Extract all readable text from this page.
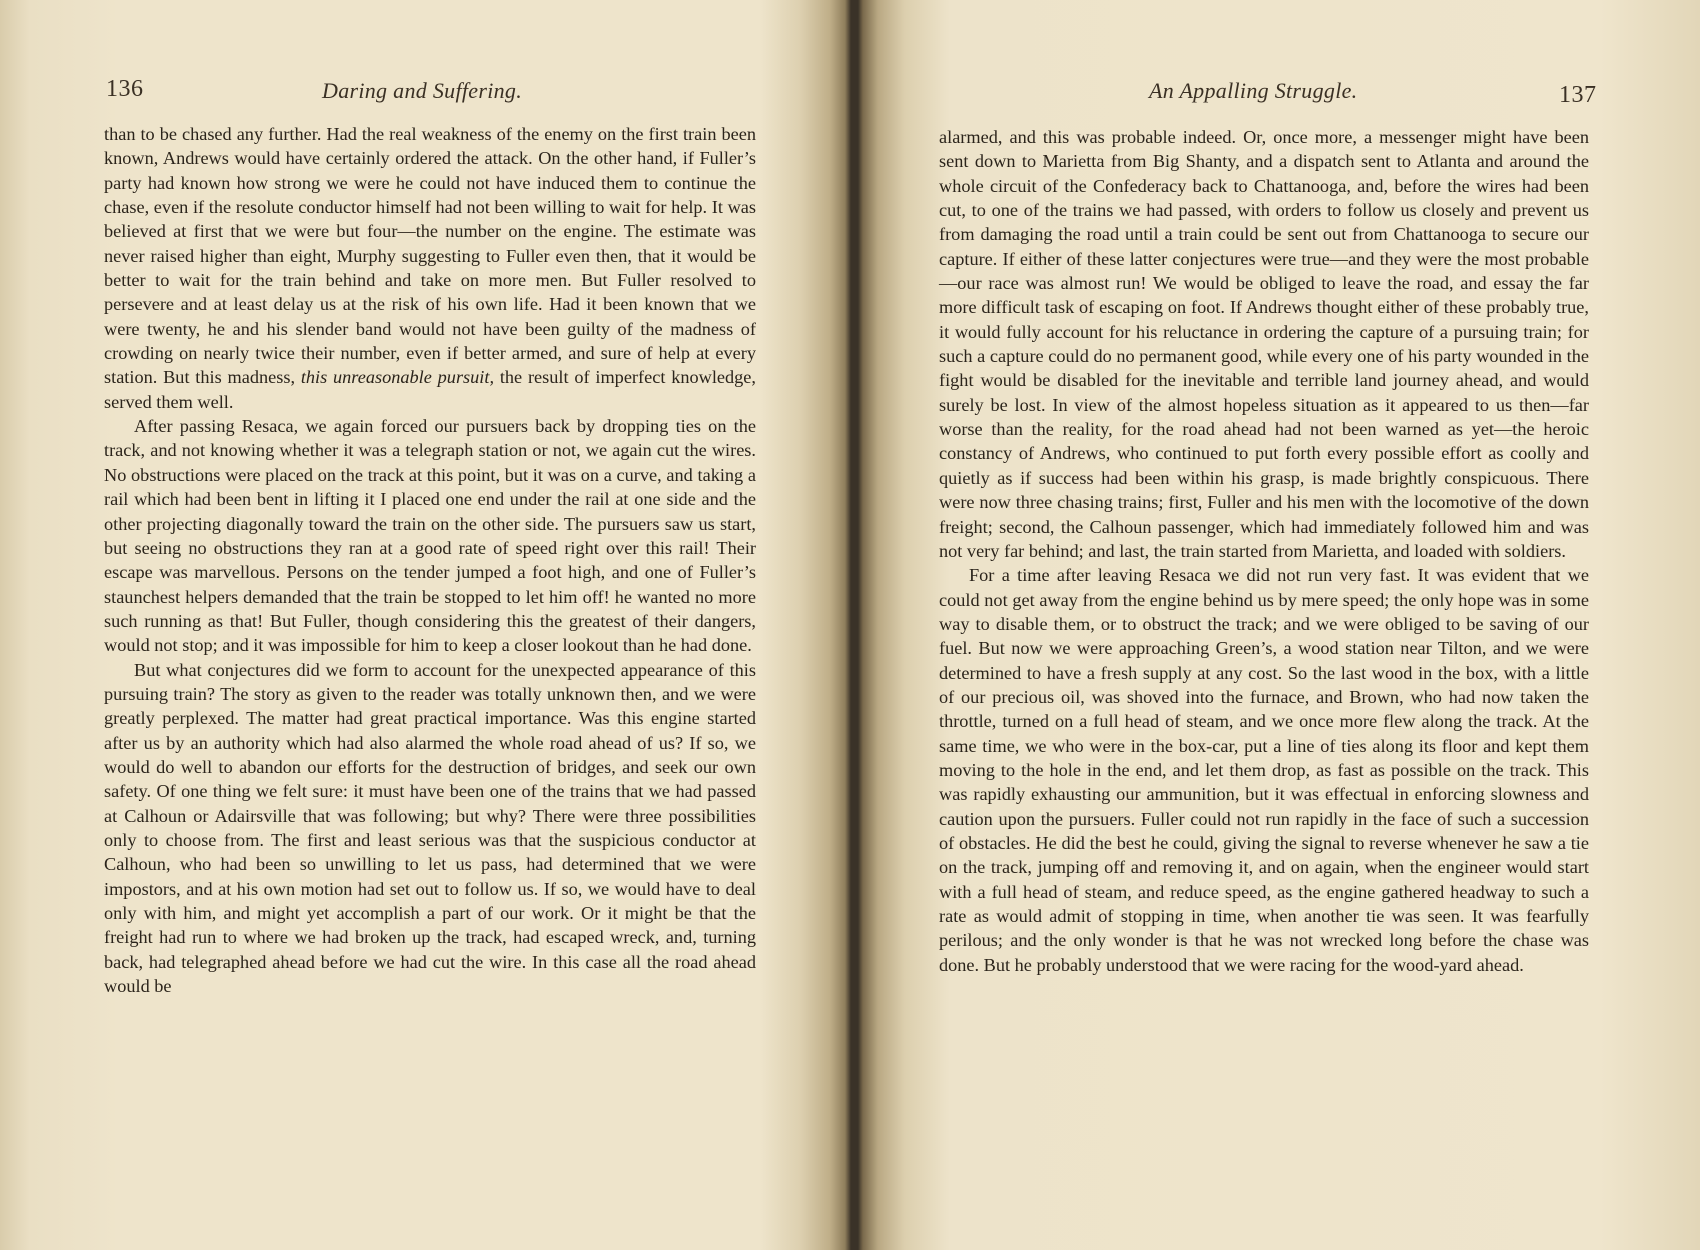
136	Daring and Suffering.

than to be chased any further. Had the real weakness of the enemy on the first train been known, Andrews would have certainly ordered the attack. On the other hand, if Fuller’s party had known how strong we were he could not have induced them to continue the chase, even if the resolute conductor himself had not been willing to wait for help. It was believed at first that we were but four—the number on the engine. The estimate was never raised higher than eight, Murphy suggesting to Fuller even then, that it would be better to wait for the train behind and take on more men. But Fuller resolved to persevere and at least delay us at the risk of his own life. Had it been known that we were twenty, he and his slender band would not have been guilty of the madness of crowding on nearly twice their number, even if better armed, and sure of help at every station. But this madness, this unreasonable pursuit, the result of imperfect knowledge, served them well.

After passing Resaca, we again forced our pursuers back by dropping ties on the track, and not knowing whether it was a telegraph station or not, we again cut the wires. No obstructions were placed on the track at this point, but it was on a curve, and taking a rail which had been bent in lifting it I placed one end under the rail at one side and the other projecting diagonally toward the train on the other side. The pursuers saw us start, but seeing no obstructions they ran at a good rate of speed right over this rail! Their escape was marvellous. Persons on the tender jumped a foot high, and one of Fuller’s staunchest helpers demanded that the train be stopped to let him off! he wanted no more such running as that! But Fuller, though considering this the greatest of their dangers, would not stop; and it was impossible for him to keep a closer lookout than he had done.

But what conjectures did we form to account for the unexpected appearance of this pursuing train? The story as given to the reader was totally unknown then, and we were greatly perplexed. The matter had great practical importance. Was this engine started after us by an authority which had also alarmed the whole road ahead of us? If so, we would do well to abandon our efforts for the destruction of bridges, and seek our own safety. Of one thing we felt sure: it must have been one of the trains that we had passed at Calhoun or Adairsville that was following; but why? There were three possibilities only to choose from. The first and least serious was that the suspicious conductor at Calhoun, who had been so unwilling to let us pass, had determined that we were impostors, and at his own motion had set out to follow us. If so, we would have to deal only with him, and might yet accomplish a part of our work. Or it might be that the freight had run to where we had broken up the track, had escaped wreck, and, turning back, had telegraphed ahead before we had cut the wire. In this case all the road ahead would be

An Appalling Struggle.	137

alarmed, and this was probable indeed. Or, once more, a messenger might have been sent down to Marietta from Big Shanty, and a dispatch sent to Atlanta and around the whole circuit of the Confederacy back to Chattanooga, and, before the wires had been cut, to one of the trains we had passed, with orders to follow us closely and prevent us from damaging the road until a train could be sent out from Chattanooga to secure our capture. If either of these latter conjectures were true—and they were the most probable—our race was almost run! We would be obliged to leave the road, and essay the far more difficult task of escaping on foot. If Andrews thought either of these probably true, it would fully account for his reluctance in ordering the capture of a pursuing train; for such a capture could do no permanent good, while every one of his party wounded in the fight would be disabled for the inevitable and terrible land journey ahead, and would surely be lost. In view of the almost hopeless situation as it appeared to us then—far worse than the reality, for the road ahead had not been warned as yet—the heroic constancy of Andrews, who continued to put forth every possible effort as coolly and quietly as if success had been within his grasp, is made brightly conspicuous. There were now three chasing trains; first, Fuller and his men with the locomotive of the down freight; second, the Calhoun passenger, which had immediately followed him and was not very far behind; and last, the train started from Marietta, and loaded with soldiers.

For a time after leaving Resaca we did not run very fast. It was evident that we could not get away from the engine behind us by mere speed; the only hope was in some way to disable them, or to obstruct the track; and we were obliged to be saving of our fuel. But now we were approaching Green’s, a wood station near Tilton, and we were determined to have a fresh supply at any cost. So the last wood in the box, with a little of our precious oil, was shoved into the furnace, and Brown, who had now taken the throttle, turned on a full head of steam, and we once more flew along the track. At the same time, we who were in the box-car, put a line of ties along its floor and kept them moving to the hole in the end, and let them drop, as fast as possible on the track. This was rapidly exhausting our ammunition, but it was effectual in enforcing slowness and caution upon the pursuers. Fuller could not run rapidly in the face of such a succession of obstacles. He did the best he could, giving the signal to reverse whenever he saw a tie on the track, jumping off and removing it, and on again, when the engineer would start with a full head of steam, and reduce speed, as the engine gathered headway to such a rate as would admit of stopping in time, when another tie was seen. It was fearfully perilous; and the only wonder is that he was not wrecked long before the chase was done. But he probably understood that we were racing for the wood-yard ahead.
